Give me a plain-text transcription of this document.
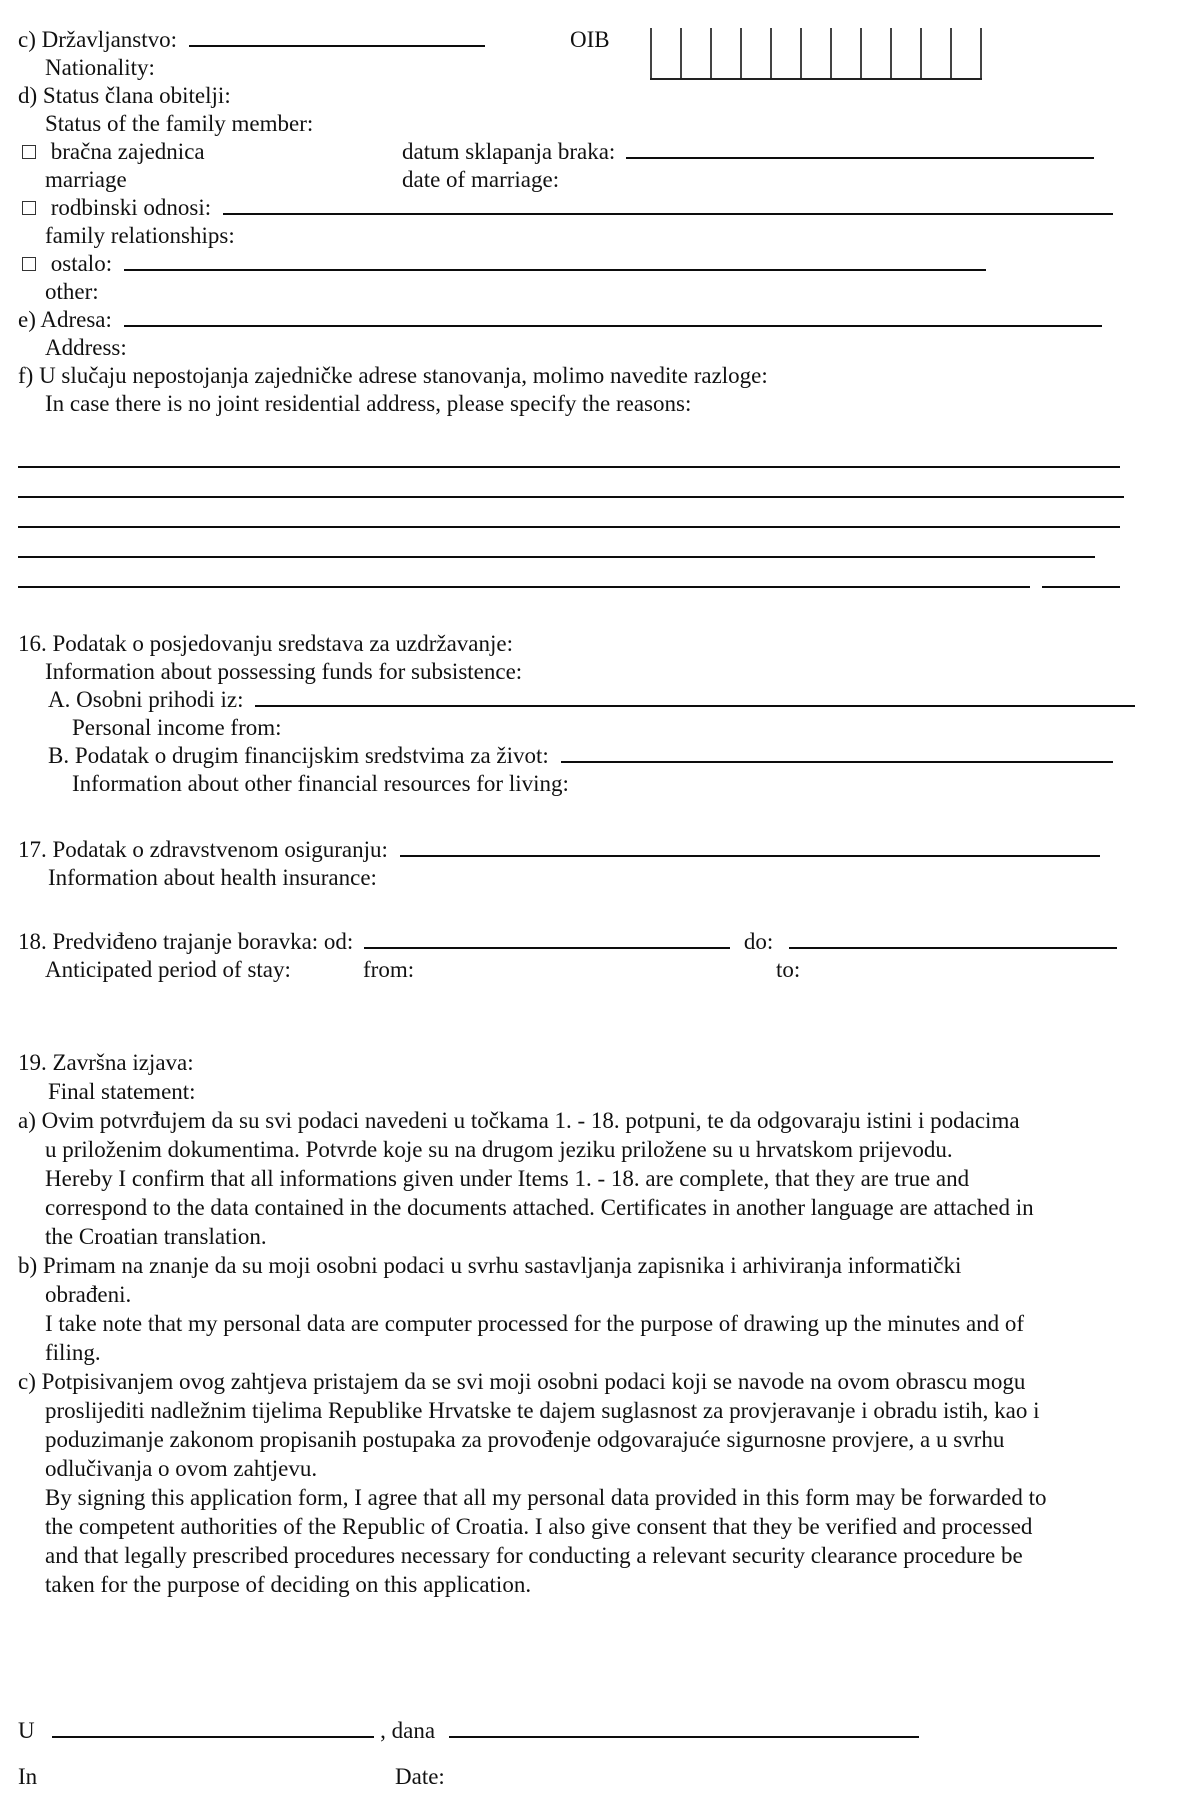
c) Državljanstvo:	OIB
Nationality:
d) Status člana obitelji:
Status of the family member:
bračna zajednica	datum sklapanja braka:
marriage	date of marriage:
rodbinski odnosi:
family relationships:
ostalo:
other:
e) Adresa:
Address:
f) U slučaju nepostojanja zajedničke adrese stanovanja, molimo navedite razloge:
In case there is no joint residential address, please specify the reasons:
16. Podatak o posjedovanju sredstava za uzdržavanje:
Information about possessing funds for subsistence:
A. Osobni prihodi iz:
Personal income from:
B. Podatak o drugim financijskim sredstvima za život:
Information about other financial resources for living:
17. Podatak o zdravstvenom osiguranju:
Information about health insurance:
18. Predviđeno trajanje boravka: od:	do:
Anticipated period of stay:	from:	to:
19. Završna izjava:
Final statement:
a) Ovim potvrđujem da su svi podaci navedeni u točkama 1. - 18. potpuni, te da odgovaraju istini i podacima
u priloženim dokumentima. Potvrde koje su na drugom jeziku priložene su u hrvatskom prijevodu.
Hereby I confirm that all informations given under Items 1. - 18. are complete, that they are true and
correspond to the data contained in the documents attached. Certificates in another language are attached in
the Croatian translation.
b) Primam na znanje da su moji osobni podaci u svrhu sastavljanja zapisnika i arhiviranja informatički
obrađeni.
I take note that my personal data are computer processed for the purpose of drawing up the minutes and of
filing.
c) Potpisivanjem ovog zahtjeva pristajem da se svi moji osobni podaci koji se navode na ovom obrascu mogu
proslijediti nadležnim tijelima Republike Hrvatske te dajem suglasnost za provjeravanje i obradu istih, kao i
poduzimanje zakonom propisanih postupaka za provođenje odgovarajuće sigurnosne provjere, a u svrhu
odlučivanja o ovom zahtjevu.
By signing this application form, I agree that all my personal data provided in this form may be forwarded to
the competent authorities of the Republic of Croatia. I also give consent that they be verified and processed
and that legally prescribed procedures necessary for conducting a relevant security clearance procedure be
taken for the purpose of deciding on this application.
U	, dana
In	Date:
